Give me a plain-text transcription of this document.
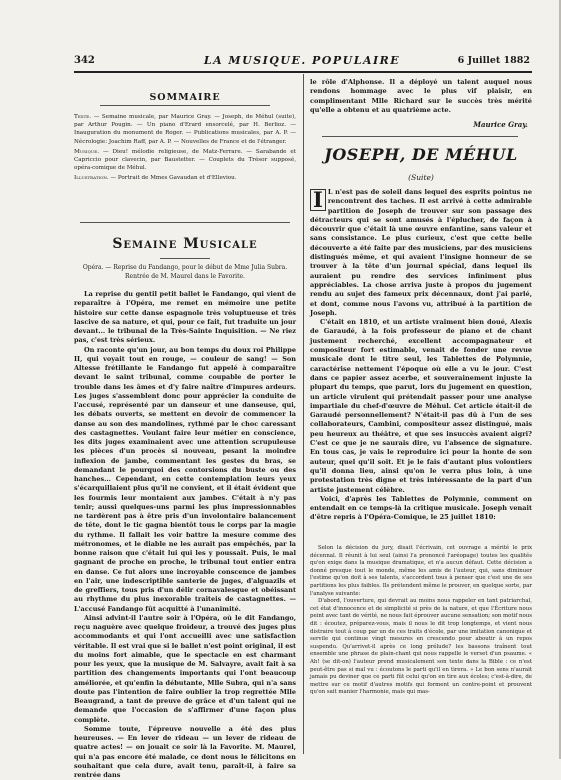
342	LA MUSIQUE. POPULAIRE	6 Juillet 1882
SOMMAIRE

Texte. — Semaine musicale, par Maurice Gray. — Joseph, de Méhul (suite), par Arthur Pougin. — Un piano d'Erard ensorcelé, par H. Berlioz. — Inauguration du monument de Roger. — Publications musicales, par A. P. — Nécrologie: Joachim Raff, par A. P. — Nouvelles de France et de l'étranger.

Musique. — Dieu! mélodie religieuse, de Matz-Ferrare. — Sarabande et Capriccio pour clavecin, par Baustetter. — Couplets du Trésor supposé, opéra-comique de Méhul.

Illustration. — Portrait de Mmes Gavaudan et d'Elleviou.

Semaine Musicale
Opéra. — Reprise du Fandango, pour le début de Mme Julia Subra.
Rentrée de M. Maurel dans le Favorite.

La reprise du gentil petit ballet le Fandango, qui vient de reparaître à l'Opéra, me remet en mémoire une petite histoire sur cette danse espagnole très voluptueuse et très lascive de sa nature, et qui, pour ce fait, fut traduite un jour devant... le tribunal de la Très-Sainte Inquisition. — Ne riez pas, c'est très sérieux.

On raconte qu'un jour, au bon temps du doux roi Philippe II, qui voyait tout en rouge, — couleur de sang! — Son Altesse frétillante le Fandango fut appelé à comparaître devant le saint tribunal, comme coupable de porter le trouble dans les âmes et d'y faire naître d'impures ardeurs. Les juges s'assemblent donc pour apprécier la conduite de l'accusé, représenté par un danseur et une danseuse, qui, les débats ouverts, se mettent en devoir de commencer la danse au son des mandolines, rythmé par le choc caressant des castagnettes. Voulant faire leur métier en conscience, les dits juges examinaient avec une attention scrupuleuse les pièces d'un procès si nouveau, pesant la moindre inflexion de jambe, commentant les gestes du bras, se demandant le pourquoi des contorsions du buste ou des hanches... Cependant, en cette contemplation leurs yeux s'écarquillaient plus qu'il ne convient, et il était évident que les fourmis leur montaient aux jambes. C'était à n'y pas tenir; aussi quelques-uns parmi les plus impressionnables ne tardèrent pas à être pris d'un involontaire balancement de tête, dont le tic gagna bientôt tous le corps par la magie du rythme. Il fallait les voir battre la mesure comme des métronomes, et le diable ne les aurait pas empêchés, par la bonne raison que c'était lui qui les y poussait. Puis, le mal gagnant de proche en proche, le tribunal tout entier entra en danse. Ce fut alors une incroyable conscence de jambes en l'air, une indescriptible santerie de juges, d'alguazils et de greffiers, tous pris d'un délir cornavalesque et obéissant au rhythme du plus inexorable traiteis de castagnettes. — L'accusé Fandango fût acquitté à l'unanimité.

Ainsi advint-il l'autre soir à l'Opéra, où le dit Fandango, reçu naguère avec quelque froideur, a trouvé des juges plus accommodants et qui l'ont accueilli avec une satisfaction véritable. Il est vrai que si le ballet n'est point original, il est du moins fort aimable, que le spectacle en est charmant pour les yeux, que la musique de M. Salvayre, avait fait à sa partition des changements importants qui l'ont beaucoup améliorée, et qu'enfin la débutante, Mlle Subra, qui n'a sans doute pas l'intention de faire oublier la trop regrettée Mlle Beaugrand, a tant de preuve de grâce et d'un talent qui ne demande que l'occasion de s'affirmer d'une façon plus complète.

Somme toute, l'épreuve nouvelle a été des plus heureuses. — En lever de rideau — un lever de rideau de quatre actes! — on jouait ce soir là la Favorite. M. Maurel, qui n'a pas encore été malade, ce dont nous le félicitons en souhaitant que cela dure, avait tenu, paraît-il, à faire sa rentrée dans

le rôle d'Alphonse. Il a déployé un talent auquel nous rendons hommage avec le plus vif plaisir, en complimentant Mlle Richard sur le succès très mérité qu'elle a obtenu et au quatrième acte.
Maurice Gray.
JOSEPH, DE MÉHUL
(Suite)

I L n'est pas de soleil dans lequel des esprits pointus ne rencontrent des taches. Il est arrivé à cette admirable partition de Joseph de trouver sur son passage des détracteurs qui se sont amusés à l'éplucher, de façon à découvrir que c'était là une œuvre enfantine, sans valeur et sans consistance. Le plus curieux, c'est que cette belle découverte a été faite par des musiciens, par des musiciens distingués même, et qui avaient l'insigne honneur de se trouver à la tête d'un journal spécial, dans lequel ils auraient pu rendre des services infiniment plus appréciables. La chose arriva juste à propos du jugement rendu au sujet des fameux prix décennaux, dont j'ai parlé, et dont, comme nous l'avons vu, attribué à la partition de Joseph.

C'était en 1810, et un artiste vraiment bien doué, Alexis de Garaudé, à la fois professeur de piano et de chant justement recherché, excellent accompagnateur et compositeur fort estimable, venait de fonder une revue musicale dont le titre seul, les Tablettes de Polymnie, caractérise nettement l'époque où elle a vu le jour. C'est dans ce papier assez acerbe, et souverainement injuste la plupart du temps, que parut, lors du jugement en question, un article virulent qui prétendait passer pour une analyse impartiale du chef-d'œuvre de Méhul. Cet article était-il de Garaudé personnellement? N'était-il pas dû à l'un de ses collaborateurs, Cambini, compositeur assez distingué, mais peu heureux au théâtre, et que ses insuccès avaient aigri? C'est ce que je ne saurais dire, vu l'absence de signature. En tous cas, je vais le reproduire ici pour la honte de son auteur, quel qu'il soit. Et je le fais d'autant plus volontiers qu'il donna lieu, ainsi qu'on le verra plus loin, à une protestation très digne et très intéressante de la part d'un artiste justement célèbre.

Voici, d'après les Tablettes de Polymnie, comment on entendait en ce temps-là la critique musicale. Joseph venait d'être repris à l'Opéra-Comique, le 25 juillet 1810:

Selon la décision du jury, disait l'écrivain, cet ouvrage a mérité le prix décennal. Il réunit à lui seul (ainsi l'a prononcé l'aréopage) toutes les qualités qu'on exige dans la musique dramatique, et n'a aucun défaut. Cette décision a donné presque tout le monde, même les amis de l'auteur, qui, sans diminuer l'estime qu'on doit à ses talents, s'accordent tous à penser que c'est une de ses partitions les plus faibles. Ils prétendent même le prouver, en quelque sorte, par l'analyse suivante:

D'abord, l'ouverture, qui devrait au moins nous rappeler en tant patriarchal, cet état d'innocence et de simplicité si près de la nature, et que l'Écriture nous peint avec tant de vérité, ne nous fait éprouver aucune sensation; son motif nous dit : écoutez, préparez-vous, mais il nous le dit trop longtemps, et vient nous distraire tout à coup par un de ces traits d'école, par une imitation canonique et servile qui continue vingt mesures en crescendo pour aboutir à un repos suspendu. Qu'arrivet-il après ce long prélude? les bassons traînent tout ensemble une phrase de plain-chant qui nous rappelle le verset d'un psaume. « Ah! (se dit-on) l'auteur prend musicalement son texte dans la Bible : ce n'est peut-être pas si mal vu : écoutons le parti qu'il en tirera. » Le bon sens n'aurait jamais pu deviner que ce parti fût celui qu'on en tire aux écoles; c'est-à-dire, de mettre sur ce motif d'autres motifs qui forment un contre-point et prouvent qu'on sait manier l'harmonie, mais qui mas-
